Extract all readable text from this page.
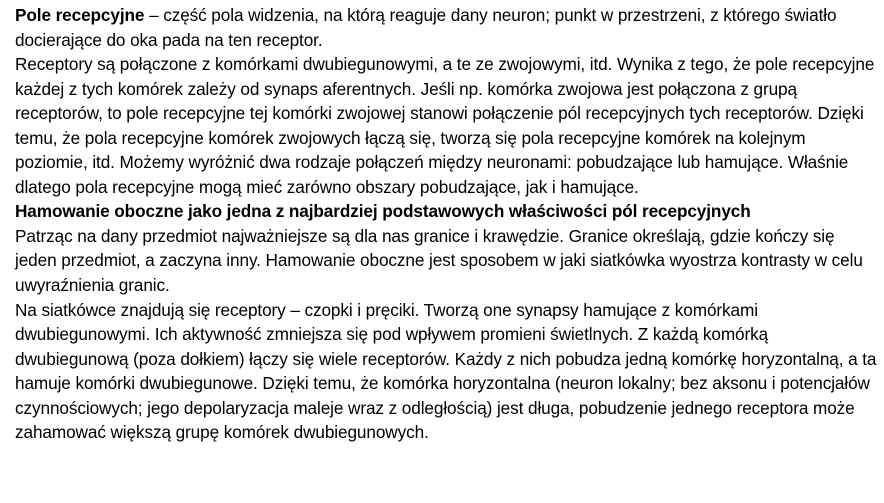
Pole recepcyjne – część pola widzenia, na którą reaguje dany neuron; punkt w przestrzeni, z którego światło docierające do oka pada na ten receptor.

Receptory są połączone z komórkami dwubiegunowymi, a te ze zwojowymi, itd. Wynika z tego, że pole recepcyjne każdej z tych komórek zależy od synaps aferentnych. Jeśli np. komórka zwojowa jest połączona z grupą receptorów, to pole recepcyjne tej komórki zwojowej stanowi połączenie pól recepcyjnych tych receptorów. Dzięki temu, że pola recepcyjne komórek zwojowych łączą się, tworzą się pola recepcyjne komórek na kolejnym poziomie, itd. Możemy wyróżnić dwa rodzaje połączeń między neuronami: pobudzające lub hamujące. Właśnie dlatego pola recepcyjne mogą mieć zarówno obszary pobudzające, jak i hamujące.

Hamowanie oboczne jako jedna z najbardziej podstawowych właściwości pól recepcyjnych

Patrząc na dany przedmiot najważniejsze są dla nas granice i krawędzie. Granice określają, gdzie kończy się jeden przedmiot, a zaczyna inny. Hamowanie oboczne jest sposobem w jaki siatkówka wyostrza kontrasty w celu uwyraźnienia granic.

Na siatkówce znajdują się receptory – czopki i pręciki. Tworzą one synapsy hamujące z komórkami dwubiegunowymi. Ich aktywność zmniejsza się pod wpływem promieni świetlnych. Z każdą komórką dwubiegunową (poza dołkiem) łączy się wiele receptorów. Każdy z nich pobudza jedną komórkę horyzontalną, a ta hamuje komórki dwubiegunowe. Dzięki temu, że komórka horyzontalna (neuron lokalny; bez aksonu i potencjałów czynnościowych; jego depolaryzacja maleje wraz z odległością) jest długa, pobudzenie jednego receptora może zahamować większą grupę komórek dwubiegunowych.
